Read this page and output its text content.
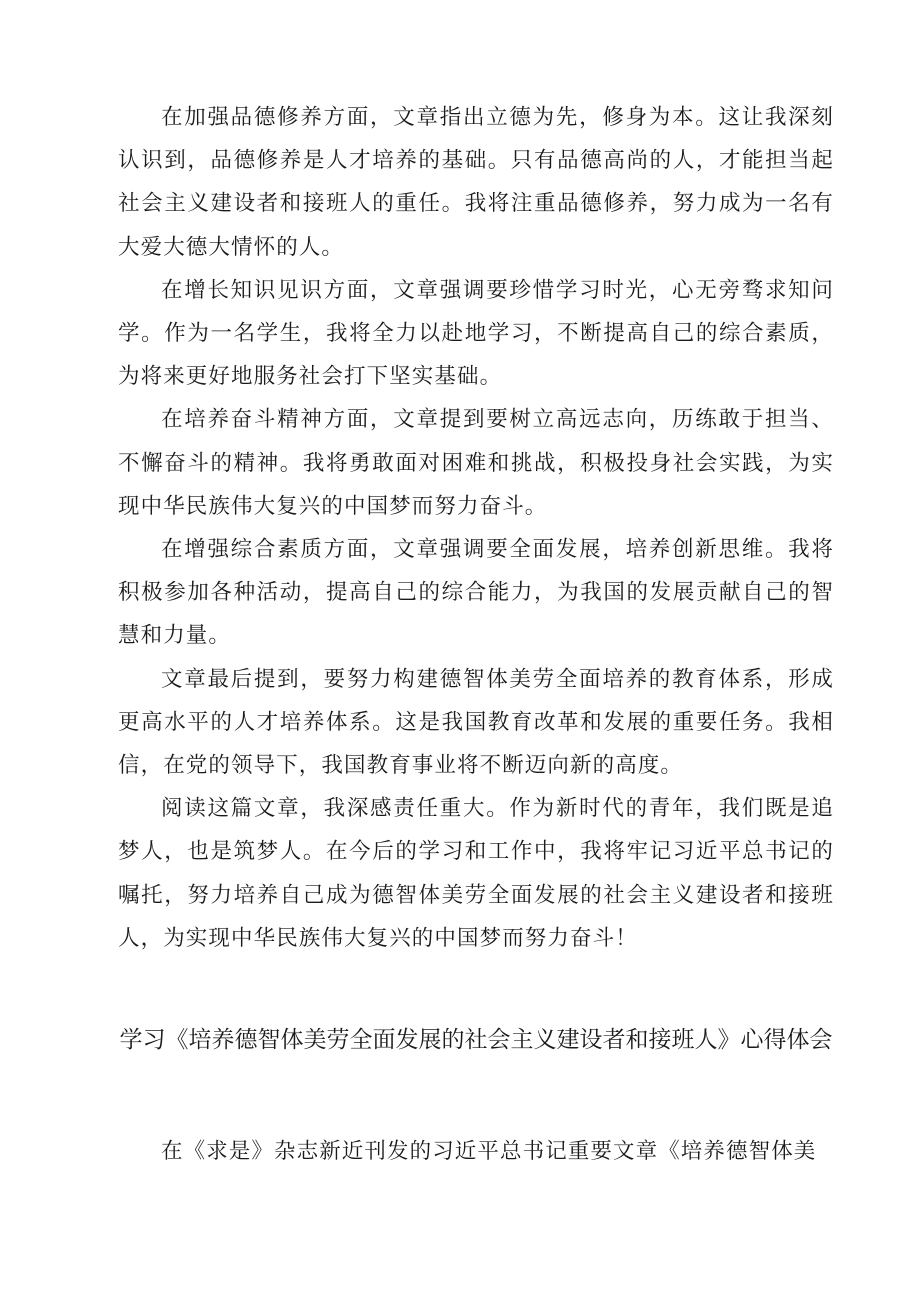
在加强品德修养方面，文章指出立德为先，修身为本。这让我深刻认识到，品德修养是人才培养的基础。只有品德高尚的人，才能担当起社会主义建设者和接班人的重任。我将注重品德修养，努力成为一名有大爱大德大情怀的人。

在增长知识见识方面，文章强调要珍惜学习时光，心无旁骛求知问学。作为一名学生，我将全力以赴地学习，不断提高自己的综合素质，为将来更好地服务社会打下坚实基础。

在培养奋斗精神方面，文章提到要树立高远志向，历练敢于担当、不懈奋斗的精神。我将勇敢面对困难和挑战，积极投身社会实践，为实现中华民族伟大复兴的中国梦而努力奋斗。

在增强综合素质方面，文章强调要全面发展，培养创新思维。我将积极参加各种活动，提高自己的综合能力，为我国的发展贡献自己的智慧和力量。

文章最后提到，要努力构建德智体美劳全面培养的教育体系，形成更高水平的人才培养体系。这是我国教育改革和发展的重要任务。我相信，在党的领导下，我国教育事业将不断迈向新的高度。

阅读这篇文章，我深感责任重大。作为新时代的青年，我们既是追梦人，也是筑梦人。在今后的学习和工作中，我将牢记习近平总书记的嘱托，努力培养自己成为德智体美劳全面发展的社会主义建设者和接班人，为实现中华民族伟大复兴的中国梦而努力奋斗！

学习《培养德智体美劳全面发展的社会主义建设者和接班人》心得体会

在《求是》杂志新近刊发的习近平总书记重要文章《培养德智体美
